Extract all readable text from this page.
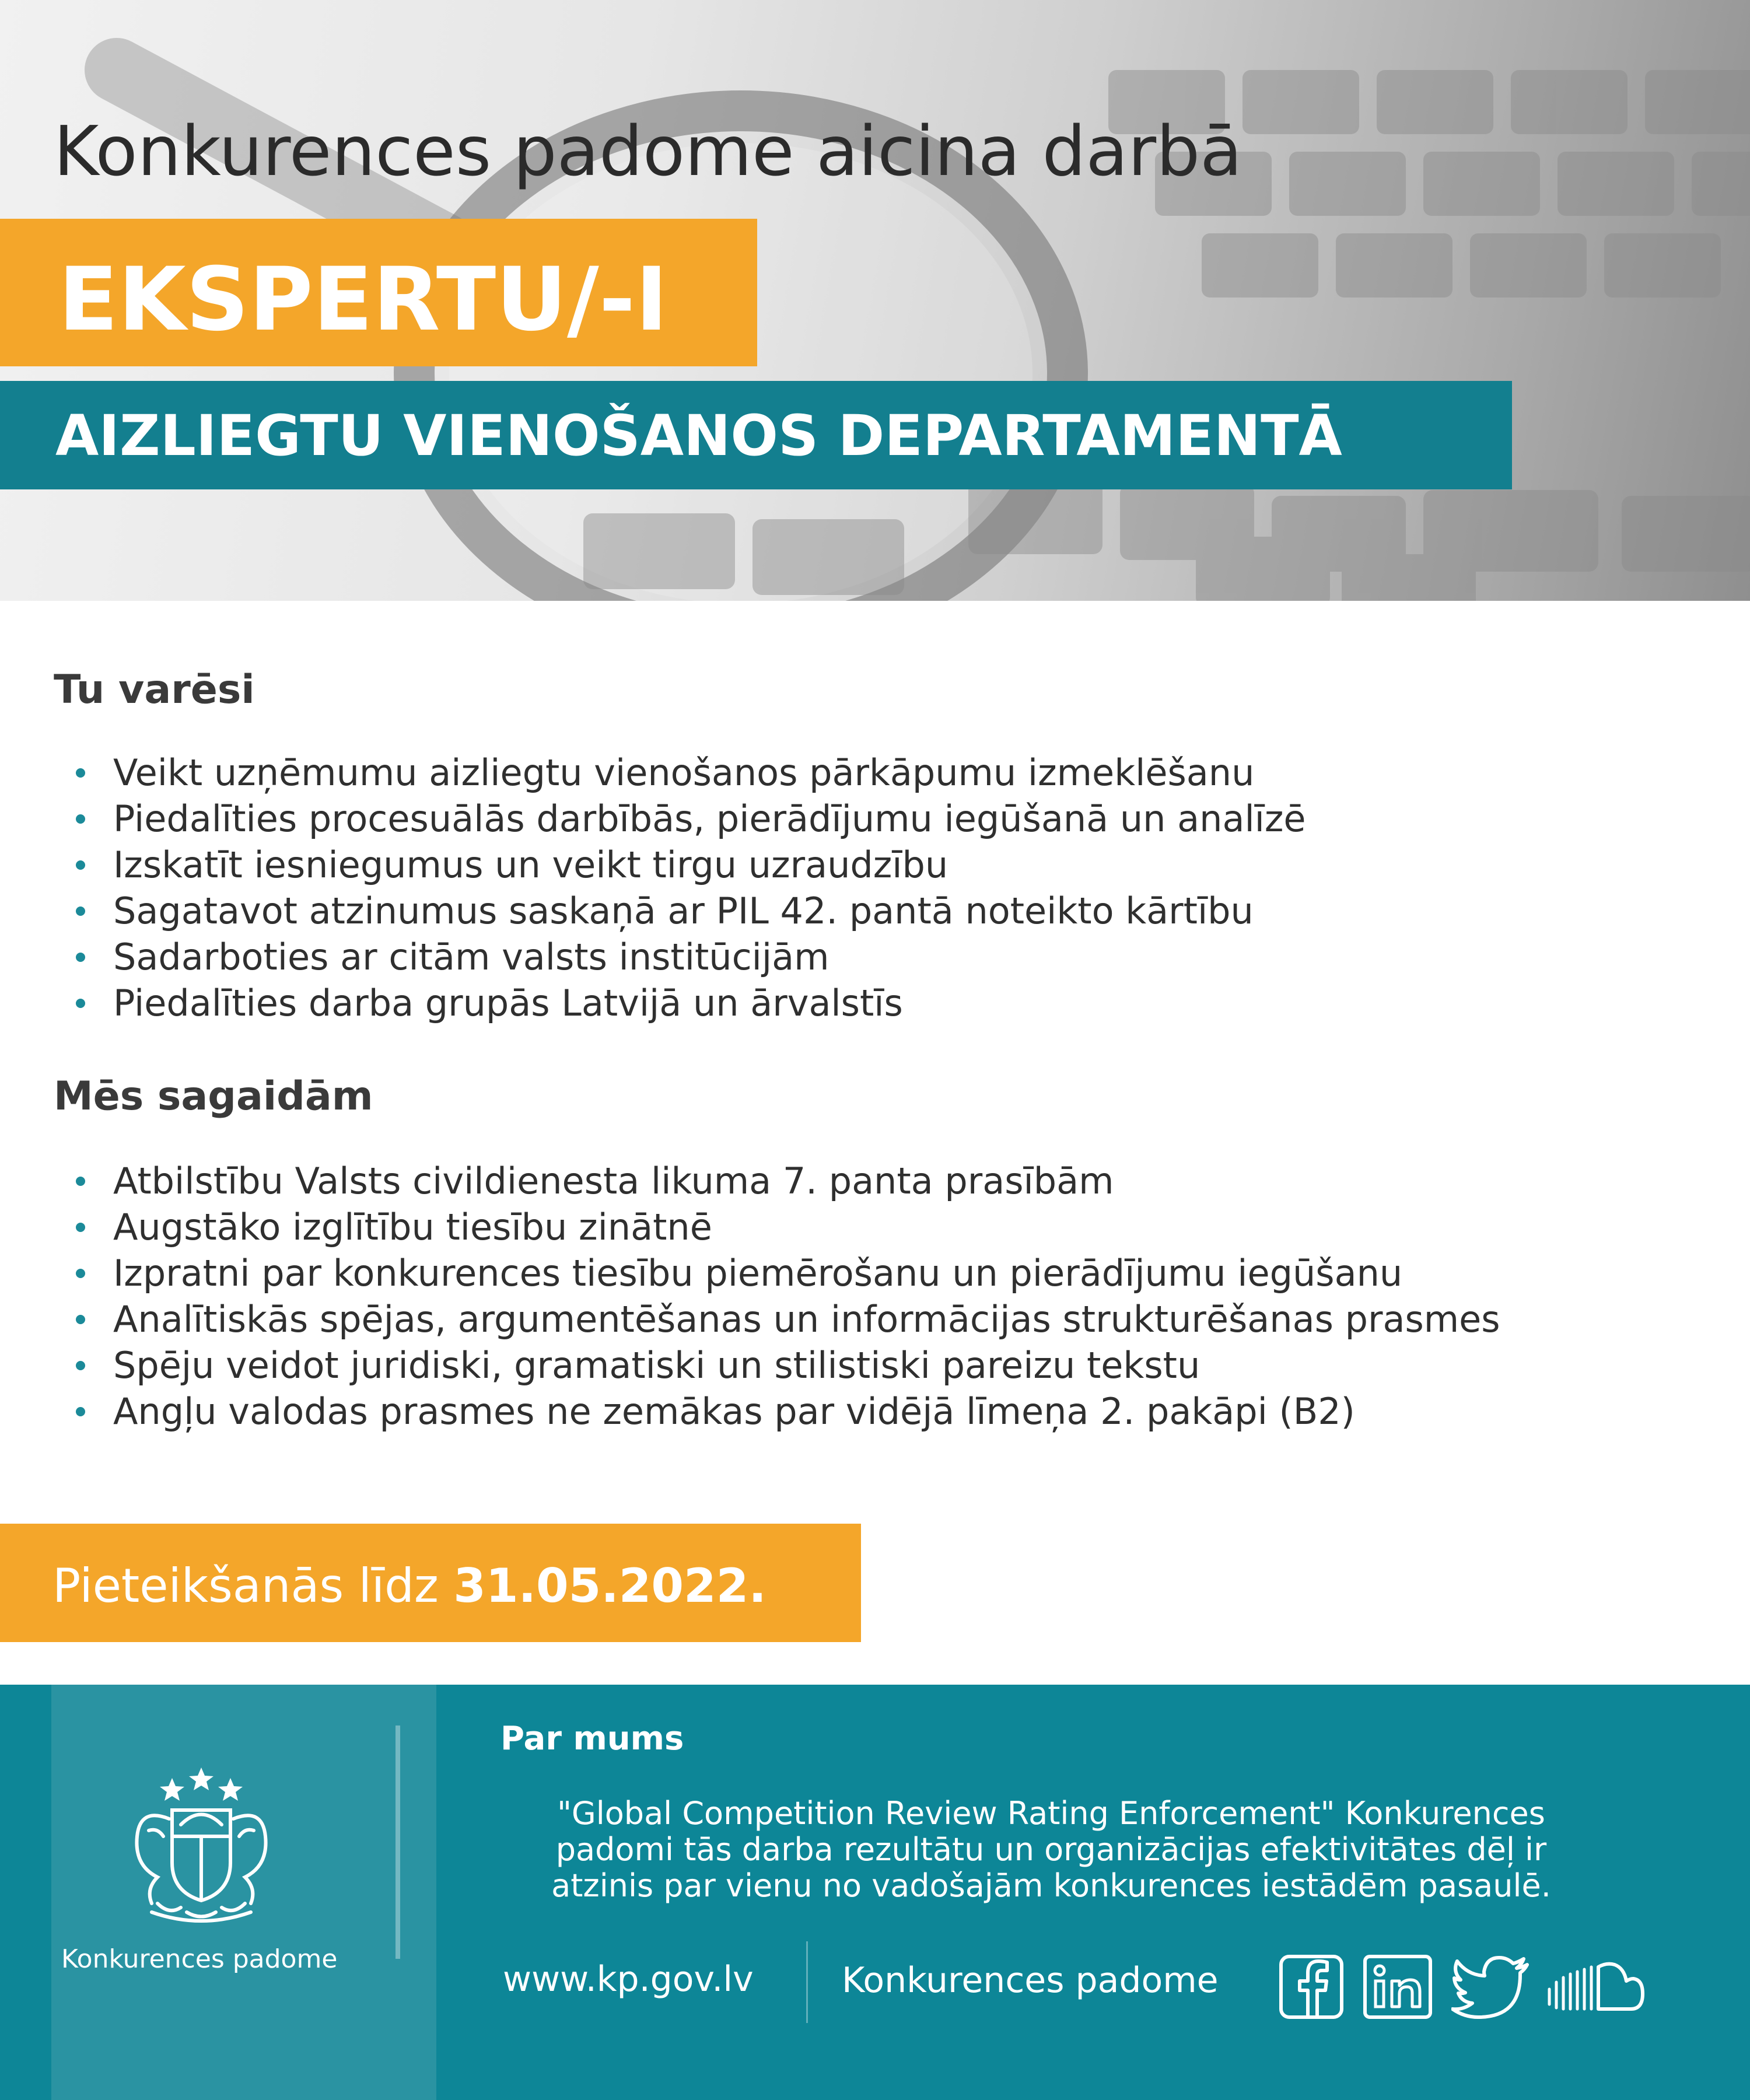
Konkurences padome aicina darbā
EKSPERTU/-I
AIZLIEGTU VIENOŠANOS DEPARTAMENTĀ
Tu varēsi
Veikt uzņēmumu aizliegtu vienošanos pārkāpumu izmeklēšanu
Piedalīties procesuālās darbībās, pierādījumu iegūšanā un analīzē
Izskatīt iesniegumus un veikt tirgu uzraudzību
Sagatavot atzinumus saskaņā ar PIL 42. pantā noteikto kārtību
Sadarboties ar citām valsts institūcijām
Piedalīties darba grupās Latvijā un ārvalstīs
Mēs sagaidām
Atbilstību Valsts civildienesta likuma 7. panta prasībām
Augstāko izglītību tiesību zinātnē
Izpratni par konkurences tiesību piemērošanu un pierādījumu iegūšanu
Analītiskās spējas, argumentēšanas un informācijas strukturēšanas prasmes
Spēju veidot juridiski, gramatiski un stilistiski pareizu tekstu
Angļu valodas prasmes ne zemākas par vidējā līmeņa 2. pakāpi (B2)
Pieteikšanās līdz 31.05.2022.
Konkurences padome
Par mums
"Global Competition Review Rating Enforcement" Konkurences
padomi tās darba rezultātu un organizācijas efektivitātes dēļ ir
atzinis par vienu no vadošajām konkurences iestādēm pasaulē.
www.kp.gov.lv	Konkurences padome
